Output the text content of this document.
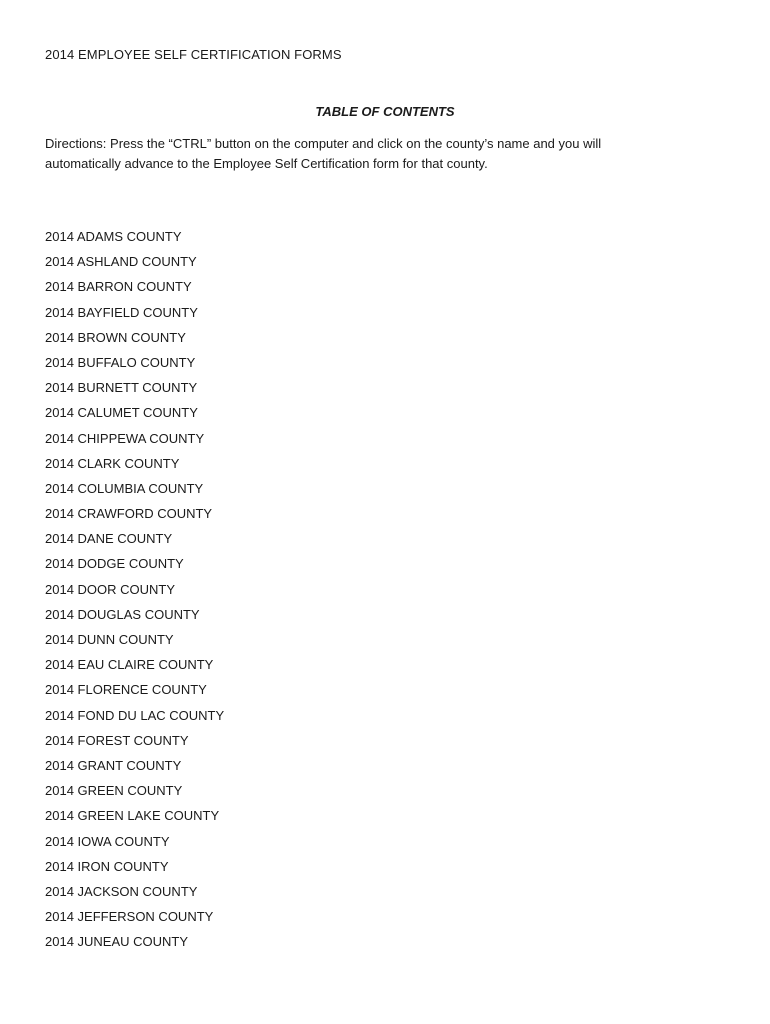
2014 EMPLOYEE SELF CERTIFICATION FORMS
TABLE OF CONTENTS

Directions: Press the “CTRL” button on the computer and click on the county’s name and you will
automatically advance to the Employee Self Certification form for that county.

2014 ADAMS COUNTY
2014 ASHLAND COUNTY
2014 BARRON COUNTY
2014 BAYFIELD COUNTY
2014 BROWN COUNTY
2014 BUFFALO COUNTY
2014 BURNETT COUNTY
2014 CALUMET COUNTY
2014 CHIPPEWA COUNTY
2014 CLARK COUNTY
2014 COLUMBIA COUNTY
2014 CRAWFORD COUNTY
2014 DANE COUNTY
2014 DODGE COUNTY
2014 DOOR COUNTY
2014 DOUGLAS COUNTY
2014 DUNN COUNTY
2014 EAU CLAIRE COUNTY
2014 FLORENCE COUNTY
2014 FOND DU LAC COUNTY
2014 FOREST COUNTY
2014 GRANT COUNTY
2014 GREEN COUNTY
2014 GREEN LAKE COUNTY
2014 IOWA COUNTY
2014 IRON COUNTY
2014 JACKSON COUNTY
2014 JEFFERSON COUNTY
2014 JUNEAU COUNTY
